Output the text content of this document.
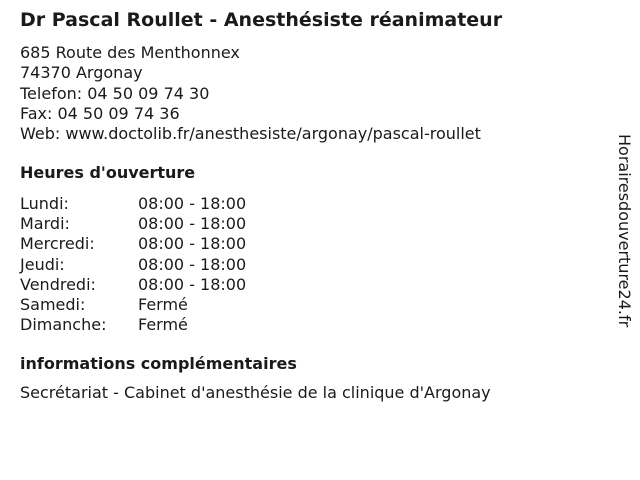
Dr Pascal Roullet - Anesthésiste réanimateur
685 Route des Menthonnex
74370 Argonay
Telefon: 04 50 09 74 30
Fax: 04 50 09 74 36
Web: www.doctolib.fr/anesthesiste/argonay/pascal-roullet
Heures d'ouverture
Lundi:	08:00 - 18:00
Mardi:	08:00 - 18:00
Mercredi:	08:00 - 18:00
Jeudi:	08:00 - 18:00
Vendredi:	08:00 - 18:00
Samedi:	Fermé
Dimanche: Fermé
informations complémentaires
Secrétariat - Cabinet d'anesthésie de la clinique d'Argonay
Horairesdouverture24.fr
